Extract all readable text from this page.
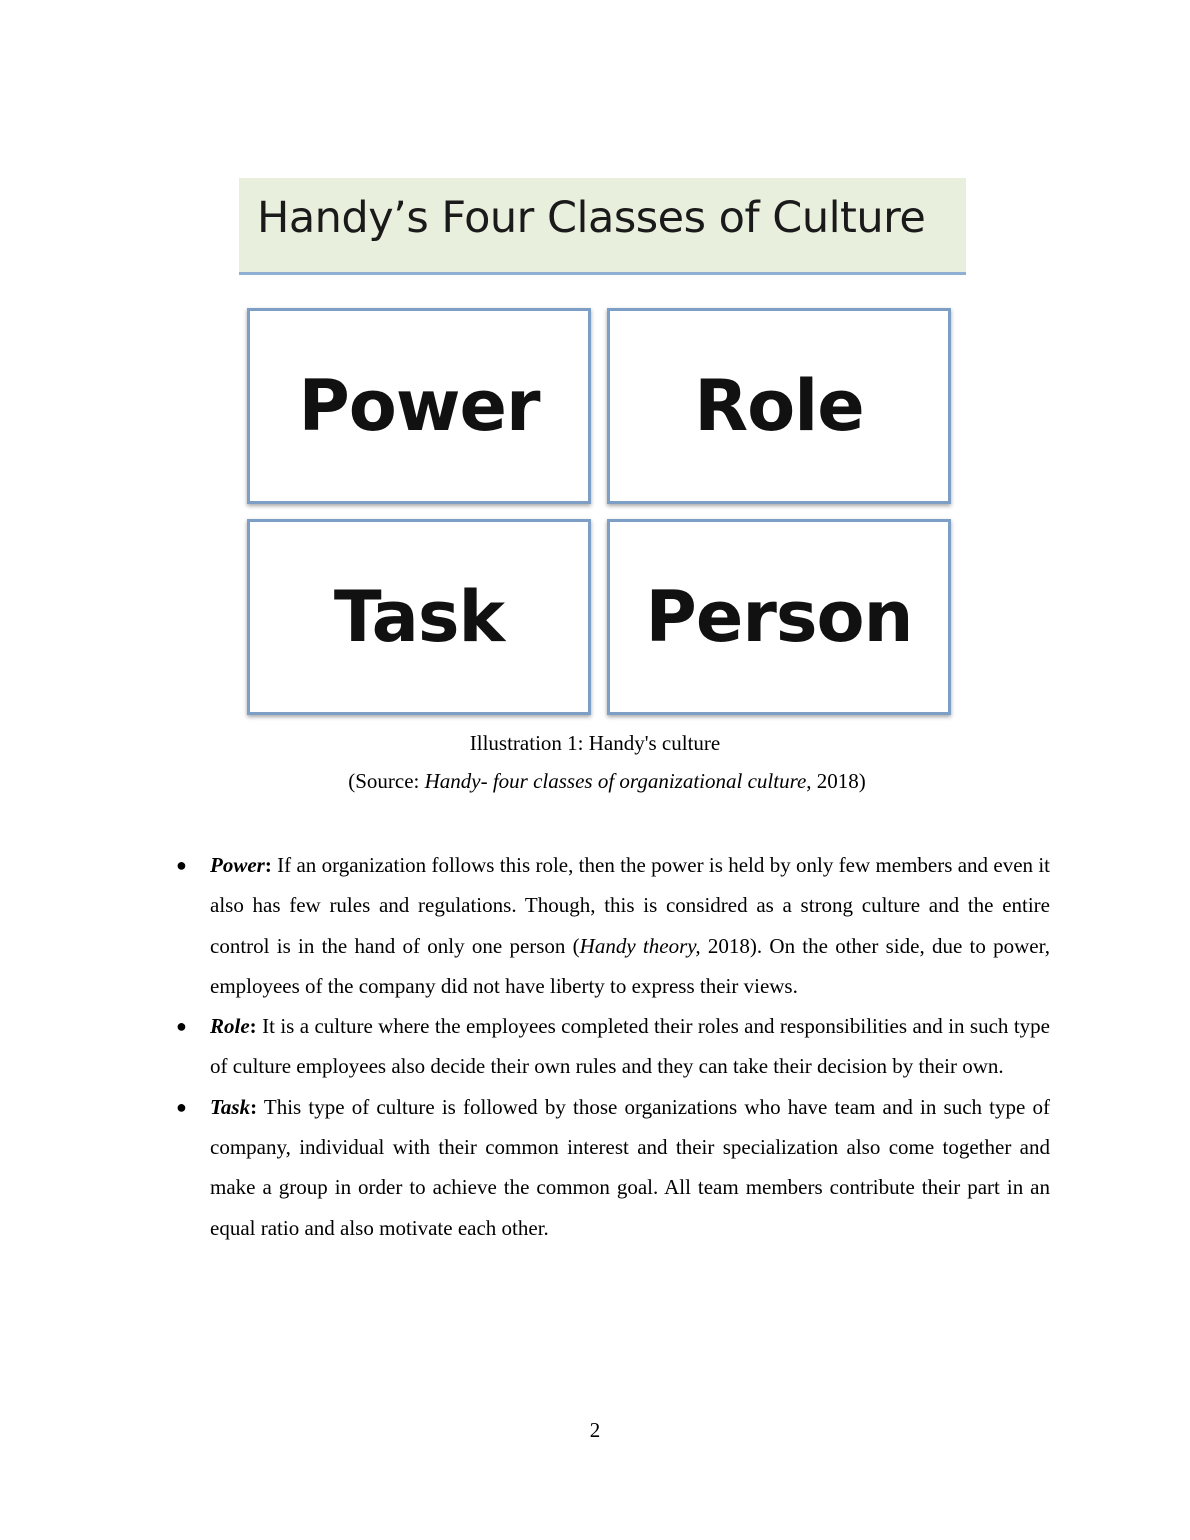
Handy’s Four Classes of Culture
Power	Role
Task	Person
Illustration 1: Handy's culture
(Source: Handy- four classes of organizational culture, 2018)
● Power: If an organization follows this role, then the power is held by only few members and even it also has few rules and regulations. Though, this is considred as a strong culture and the entire control is in the hand of only one person (Handy theory, 2018). On the other side, due to power, employees of the company did not have liberty to express their views.
● Role: It is a culture where the employees completed their roles and responsibilities and in such type of culture employees also decide their own rules and they can take their decision by their own.
● Task: This type of culture is followed by those organizations who have team and in such type of company, individual with their common interest and their specialization also come together and make a group in order to achieve the common goal. All team members contribute their part in an equal ratio and also motivate each other.
2
